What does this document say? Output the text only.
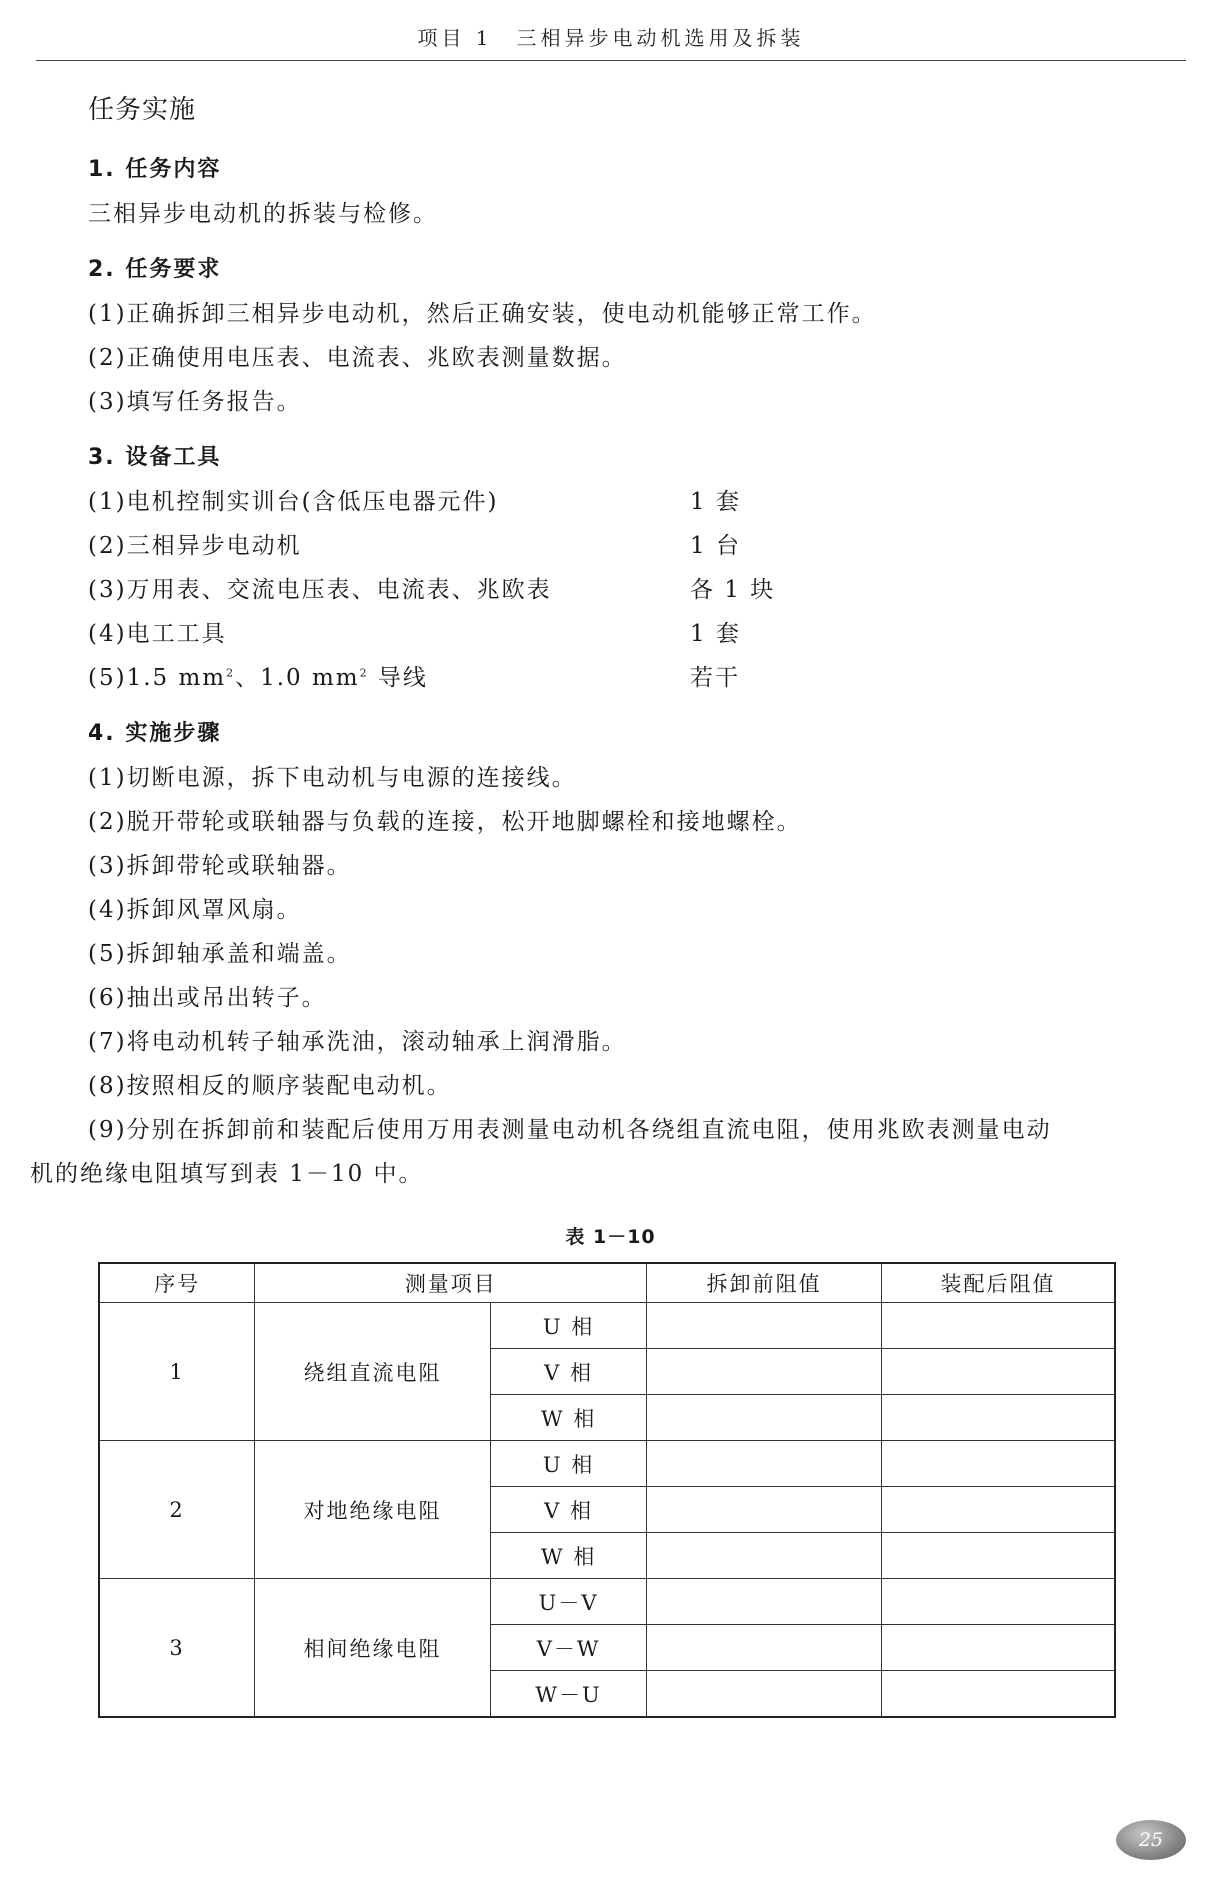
项目 1　三相异步电动机选用及拆装
任务实施
1. 任务内容
三相异步电动机的拆装与检修。
2. 任务要求
(1)正确拆卸三相异步电动机，然后正确安装，使电动机能够正常工作。
(2)正确使用电压表、电流表、兆欧表测量数据。
(3)填写任务报告。
3. 设备工具
(1)电机控制实训台(含低压电器元件)	1 套
(2)三相异步电动机	1 台
(3)万用表、交流电压表、电流表、兆欧表	各 1 块
(4)电工工具	1 套
(5)1.5 $mm^2$、1.0 $mm^2$ 导线	若干
4. 实施步骤
(1)切断电源，拆下电动机与电源的连接线。
(2)脱开带轮或联轴器与负载的连接，松开地脚螺栓和接地螺栓。
(3)拆卸带轮或联轴器。
(4)拆卸风罩风扇。
(5)拆卸轴承盖和端盖。
(6)抽出或吊出转子。
(7)将电动机转子轴承洗油，滚动轴承上润滑脂。
(8)按照相反的顺序装配电动机。
(9)分别在拆卸前和装配后使用万用表测量电动机各绕组直流电阻，使用兆欧表测量电动
机的绝缘电阻填写到表 1－10 中。
表 1－10
序号	测量项目		拆卸前阻值	装配后阻值
1	绕组直流电阻	U 相		
		V 相		
		W 相		
2	对地绝缘电阻	U 相		
		V 相		
		W 相		
3	相间绝缘电阻	U－V		
		V－W		
		W－U		
25
